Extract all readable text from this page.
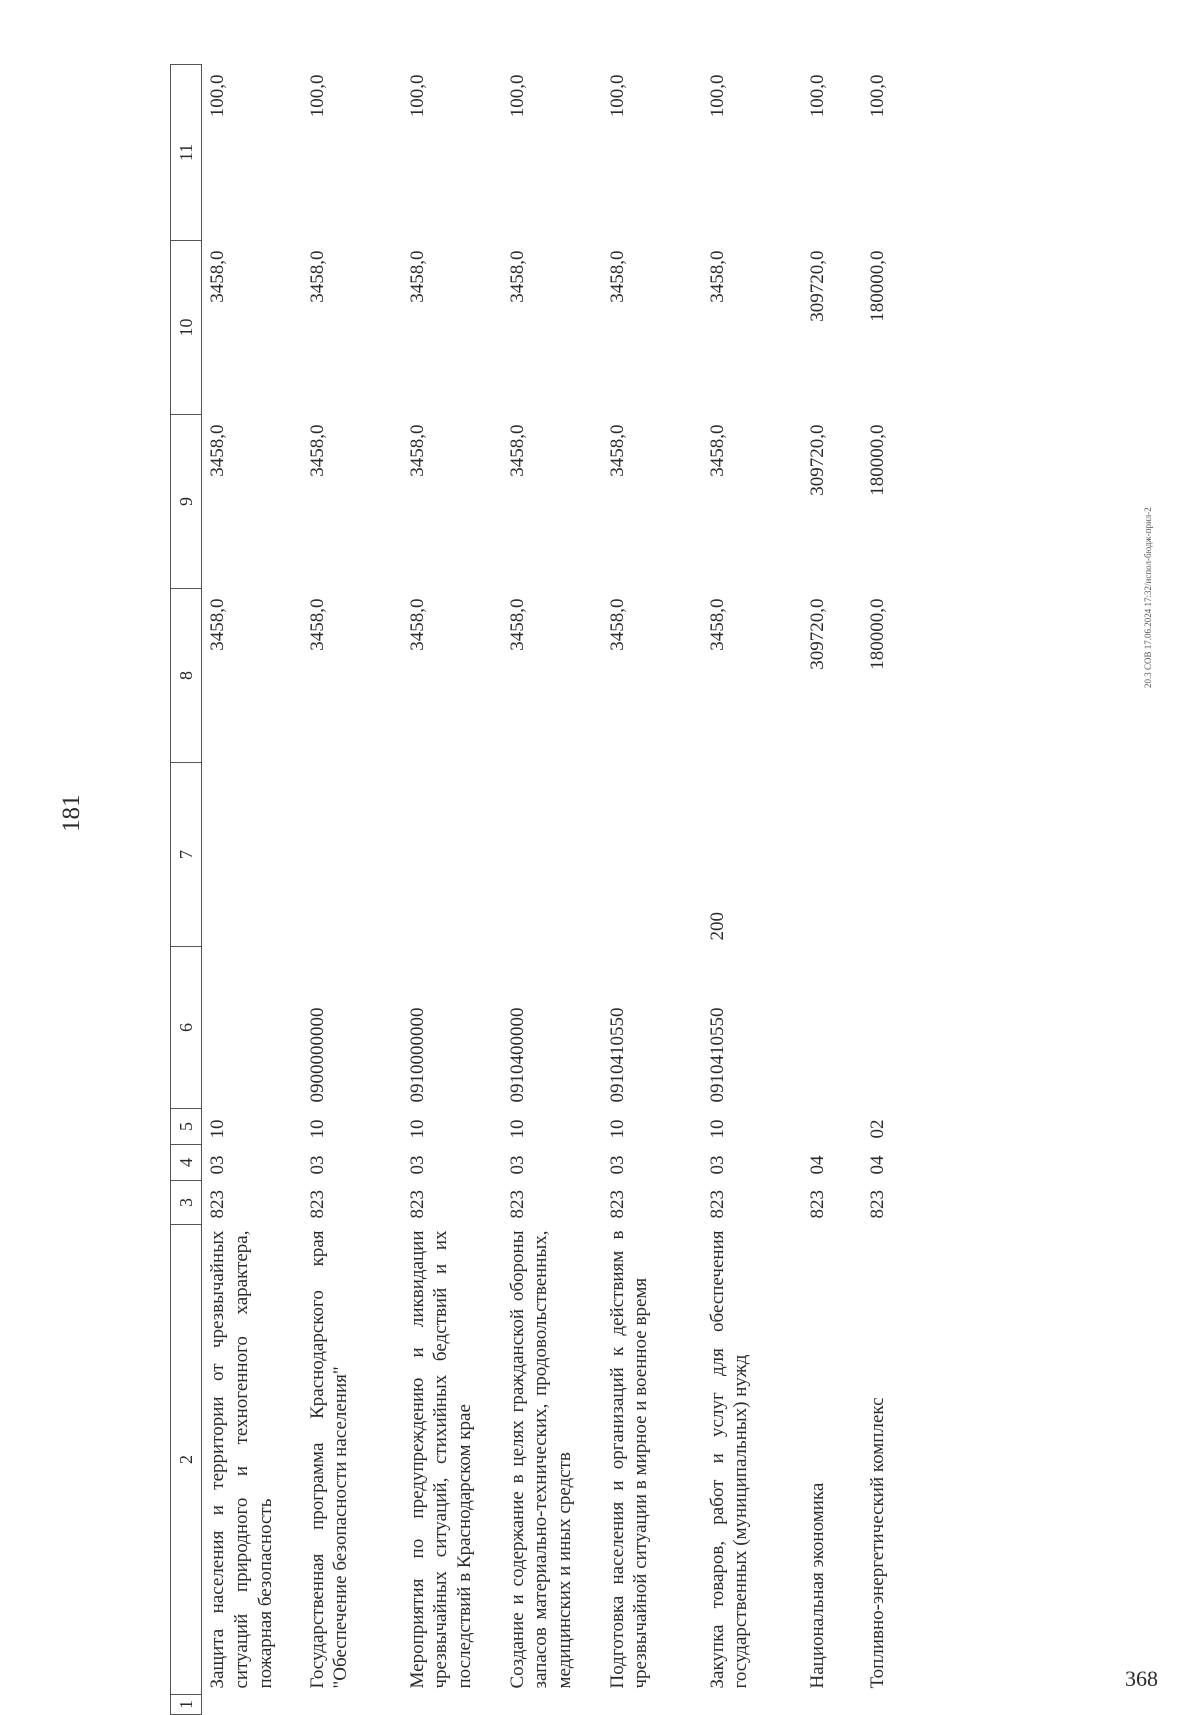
181
1	2	3	4	5	6	7	8	9	10	11
	Защита населения и территории от чрезвычайных ситуаций природного и техногенного характера, пожарная безопасность	823	03	10			3458,0	3458,0	3458,0	100,0
	Государственная программа Краснодарского края "Обеспечение безопасности населения"	823	03	10	0900000000		3458,0	3458,0	3458,0	100,0
	Мероприятия по предупреждению и ликвидации чрезвычайных ситуаций, стихийных бедствий и их последствий в Краснодарском крае	823	03	10	0910000000		3458,0	3458,0	3458,0	100,0
	Создание и содержание в целях гражданской обороны запасов материально-технических, продовольственных, медицинских и иных средств	823	03	10	0910400000		3458,0	3458,0	3458,0	100,0
	Подготовка населения и организаций к действиям в чрезвычайной ситуации в мирное и военное время	823	03	10	0910410550		3458,0	3458,0	3458,0	100,0
	Закупка товаров, работ и услуг для обеспечения государственных (муниципальных) нужд	823	03	10	0910410550	200	3458,0	3458,0	3458,0	100,0
	Национальная экономика	823	04				309720,0	309720,0	309720,0	100,0
	Топливно-энергетический комплекс	823	04	02			180000,0	180000,0	180000,0	100,0
20.3 СОВ 17.06.2024 17:32/испол-бюдж-прил-2
368
